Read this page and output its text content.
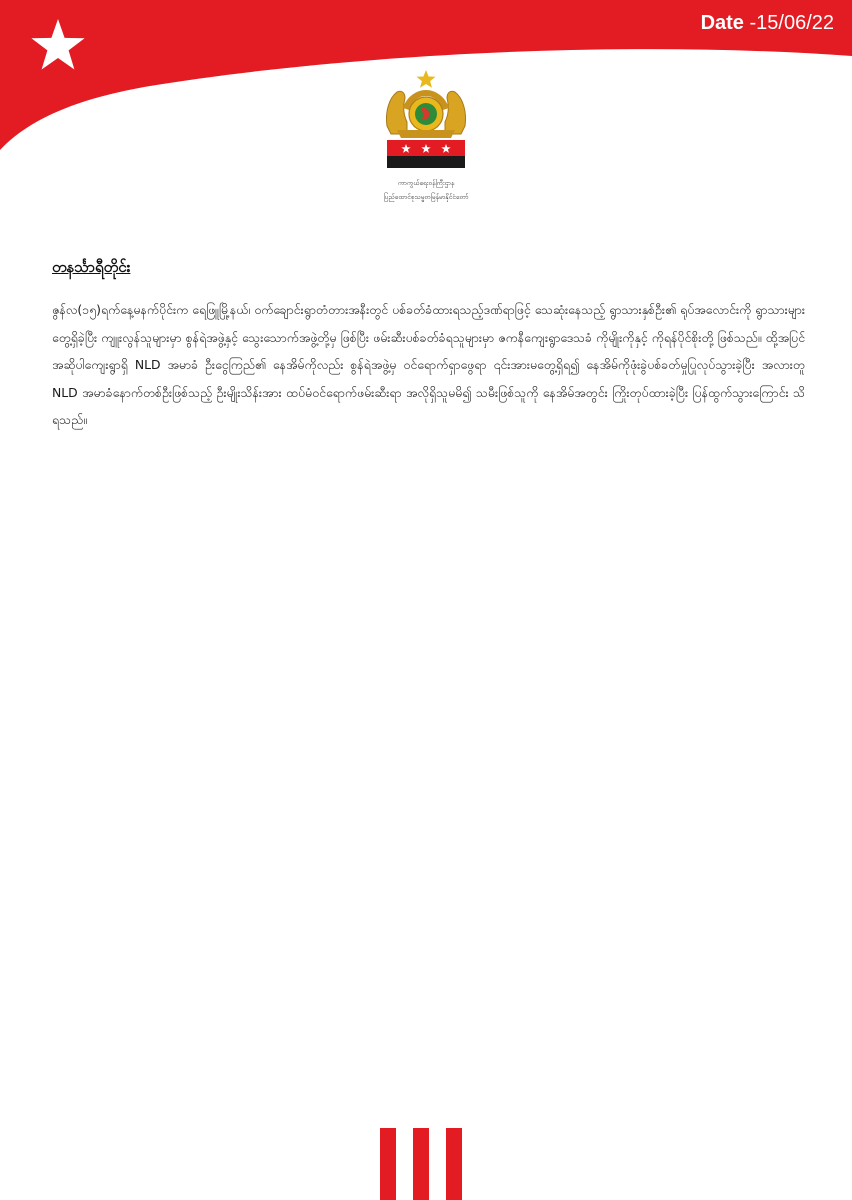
Date -15/06/22
ကာကွယ်ရေးဝန်ကြီးဌာန
ပြည်ထောင်စုသမ္မတမြန်မာနိုင်ငံတော်
တနင်္သာရီတိုင်း
ဇွန်လ(၁၅)ရက်နေ့မနက်ပိုင်းက ရေဖြူမြို့နယ်၊ ဝက်ချောင်းရွာတံတားအနီးတွင် ပစ်ခတ်ခံထားရသည့်ဒဏ်ရာဖြင့် သေဆုံးနေသည့် ရွာသားနှစ်ဦး၏ ရုပ်အလောင်းကို ရွာသားများတွေ့ရှိခဲ့ပြီး ကျူးလွန်သူများမှာ စွန်ရဲအဖွဲ့နှင့် သွေးသောက်အဖွဲ့တို့မှ ဖြစ်ပြီး ဖမ်းဆီးပစ်ခတ်ခံရသူများမှာ ဇကနီကျေးရွာဒေသခံ ကိုမျိုးကိုနှင့် ကိုရန်ပိုင်စိုးတို့ ဖြစ်သည်။ ထို့အပြင် အဆိုပါကျေးရွာရှိ NLD အမာခံ ဦးငွေကြည်၏ နေအိမ်ကိုလည်း စွန်ရဲအဖွဲ့မှ ဝင်ရောက်ရှာဖွေရာ ၎င်းအားမတွေ့ရှိရ၍ နေအိမ်ကိုဖုံးခွဲပစ်ခတ်မှုပြုလုပ်သွားခဲ့ပြီး အလားတူ NLD အမာခံနောက်တစ်ဦးဖြစ်သည့် ဦးမျိုးသိန်းအား ထပ်မံဝင်ရောက်ဖမ်းဆီးရာ အလိုရှိသူမမိ၍ သမီးဖြစ်သူကို နေအိမ်အတွင်း ကြိုးတုပ်ထားခဲ့ပြီး ပြန်ထွက်သွားကြောင်း သိရသည်။
